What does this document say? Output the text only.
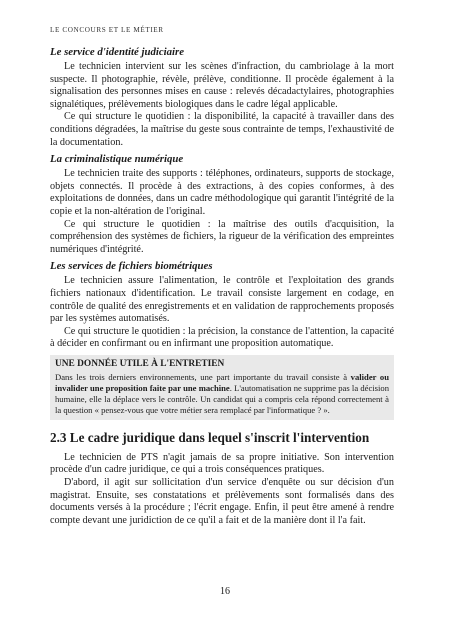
LE CONCOURS ET LE MÉTIER
Le service d'identité judiciaire

Le technicien intervient sur les scènes d'infraction, du cambriolage à la mort suspecte. Il photographie, révèle, prélève, conditionne. Il procède également à la signalisation des personnes mises en cause : relevés décadactylaires, photographies signalétiques, prélèvements biologiques dans le cadre légal applicable.

Ce qui structure le quotidien : la disponibilité, la capacité à travailler dans des conditions dégradées, la maîtrise du geste sous contrainte de temps, l'exhaustivité de la documentation.

La criminalistique numérique

Le technicien traite des supports : téléphones, ordinateurs, supports de stockage, objets connectés. Il procède à des extractions, à des copies conformes, à des exploitations de données, dans un cadre méthodologique qui garantit l'intégrité de la copie et la non-altération de l'original.

Ce qui structure le quotidien : la maîtrise des outils d'acquisition, la compréhension des systèmes de fichiers, la rigueur de la vérification des empreintes numériques d'intégrité.

Les services de fichiers biométriques

Le technicien assure l'alimentation, le contrôle et l'exploitation des grands fichiers nationaux d'identification. Le travail consiste largement en codage, en contrôle de qualité des enregistrements et en validation de rapprochements proposés par les systèmes automatisés.

Ce qui structure le quotidien : la précision, la constance de l'attention, la capacité à décider en confirmant ou en infirmant une proposition automatique.

UNE DONNÉE UTILE À L'ENTRETIEN

Dans les trois derniers environnements, une part importante du travail consiste à valider ou invalider une proposition faite par une machine. L'automatisation ne supprime pas la décision humaine, elle la déplace vers le contrôle. Un candidat qui a compris cela répond correctement à la question « pensez-vous que votre métier sera remplacé par l'informatique ? ».

2.3 Le cadre juridique dans lequel s'inscrit l'intervention

Le technicien de PTS n'agit jamais de sa propre initiative. Son intervention procède d'un cadre juridique, ce qui a trois conséquences pratiques.

D'abord, il agit sur sollicitation d'un service d'enquête ou sur décision d'un magistrat. Ensuite, ses constatations et prélèvements sont formalisés dans des documents versés à la procédure ; l'écrit engage. Enfin, il peut être amené à rendre compte devant une juridiction de ce qu'il a fait et de la manière dont il l'a fait.

16
